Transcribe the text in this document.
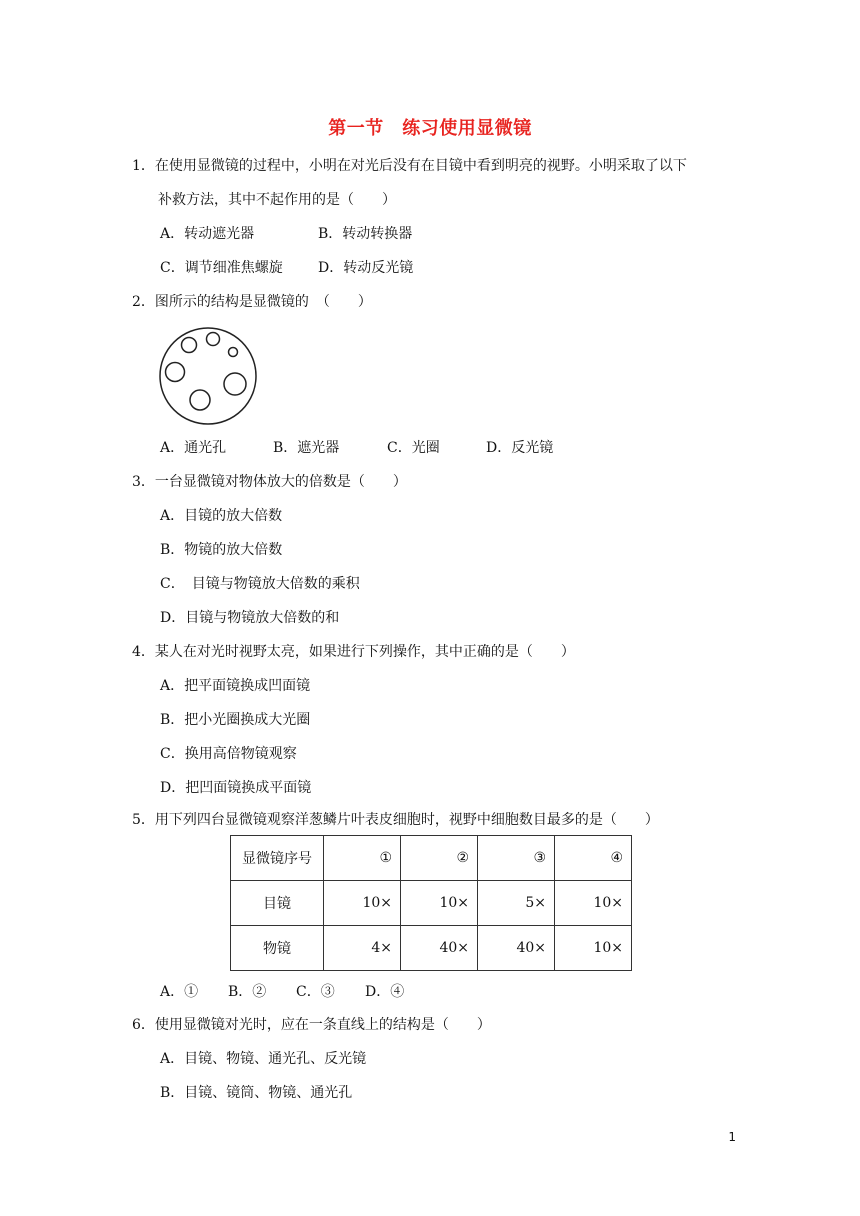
第一节　练习使用显微镜
1．在使用显微镜的过程中，小明在对光后没有在目镜中看到明亮的视野。小明采取了以下
补救方法，其中不起作用的是（　　）
A．转动遮光器	B．转动转换器
C．调节细准焦螺旋	D．转动反光镜
2．图所示的结构是显微镜的　（　　）
A．通光孔	B．遮光器	C．光圈	D．反光镜
3．一台显微镜对物体放大的倍数是（　　）
A．目镜的放大倍数
B．物镜的放大倍数
C．　目镜与物镜放大倍数的乘积
D．目镜与物镜放大倍数的和
4．某人在对光时视野太亮，如果进行下列操作，其中正确的是（　　）
A．把平面镜换成凹面镜
B．把小光圈换成大光圈
C．换用高倍物镜观察
D．把凹面镜换成平面镜
5．用下列四台显微镜观察洋葱鳞片叶表皮细胞时，视野中细胞数目最多的是（　　）
显微镜序号	①	②	③	④
目镜	10×	10×	5×	10×
物镜	4×	40×	40×	10×
A．① B．② C．③ D．④
6．使用显微镜对光时，应在一条直线上的结构是（　　）
A．目镜、物镜、通光孔、反光镜
B．目镜、镜筒、物镜、通光孔
1
